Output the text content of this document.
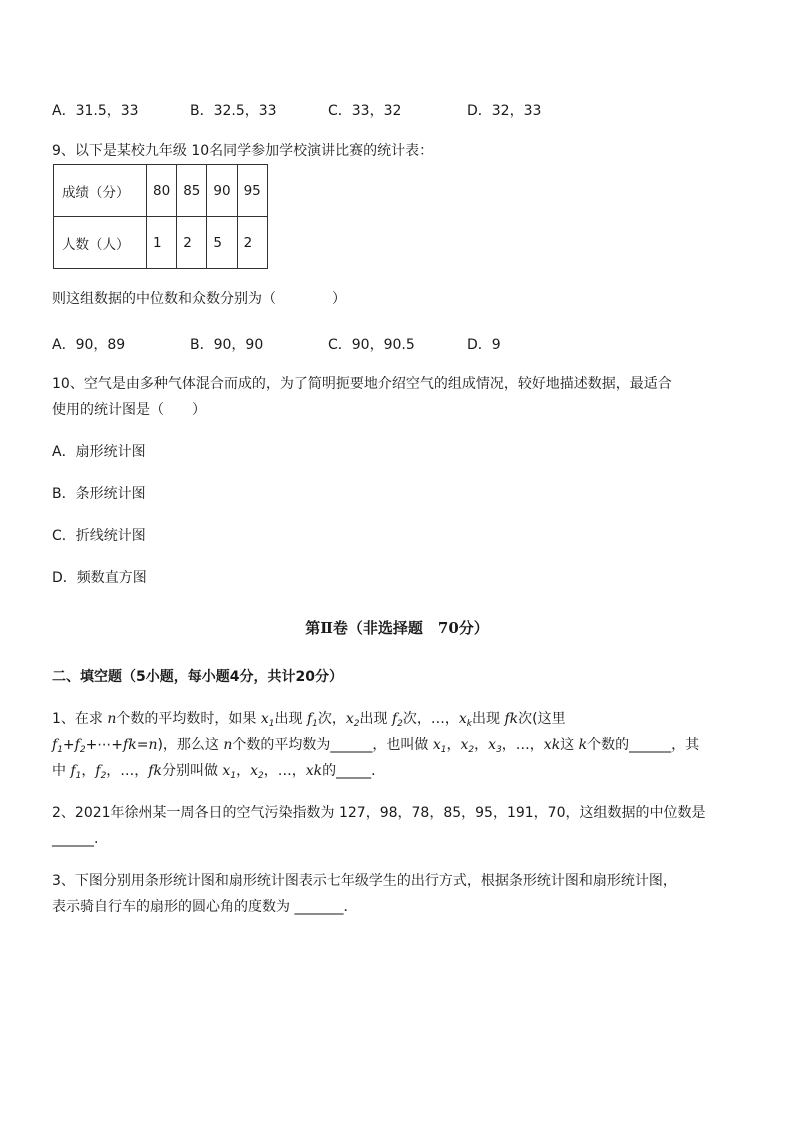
A．31.5，33	B．32.5，33	C．33，32	D．32，33
9、以下是某校九年级 10名同学参加学校演讲比赛的统计表：
成绩（分）	80	85	90	95
人数（人）	1	2	5	2
则这组数据的中位数和众数分别为（　　　　）
A．90，89	B．90，90	C．90，90.5	D．9
10、空气是由多种气体混合而成的，为了简明扼要地介绍空气的组成情况，较好地描述数据，最适合
使用的统计图是（　　）
A．扇形统计图
B．条形统计图
C．折线统计图
D．频数直方图
第Ⅱ卷（非选择题　70分）
二、填空题（5小题，每小题4分，共计20分）
1、在求 n个数的平均数时，如果 $x_1$出现 $f_1$次，$x_2$出现 $f_2$次，…，$x_k$出现 fk次(这里
$f_1+f_2+\cdots+fk=n$)，那么这 n个数的平均数为______，也叫做 $x_1$，$x_2$，$x_3$，…，xk这 k个数的______，其
中 $f_1$，$f_2$，…，fk分别叫做 $x_1$，$x_2$，…，xk的_____．
2、2021年徐州某一周各日的空气污染指数为 127，98，78，85，95，191，70，这组数据的中位数是
______.
3、下图分别用条形统计图和扇形统计图表示七年级学生的出行方式，根据条形统计图和扇形统计图，
表示骑自行车的扇形的圆心角的度数为 _______．
